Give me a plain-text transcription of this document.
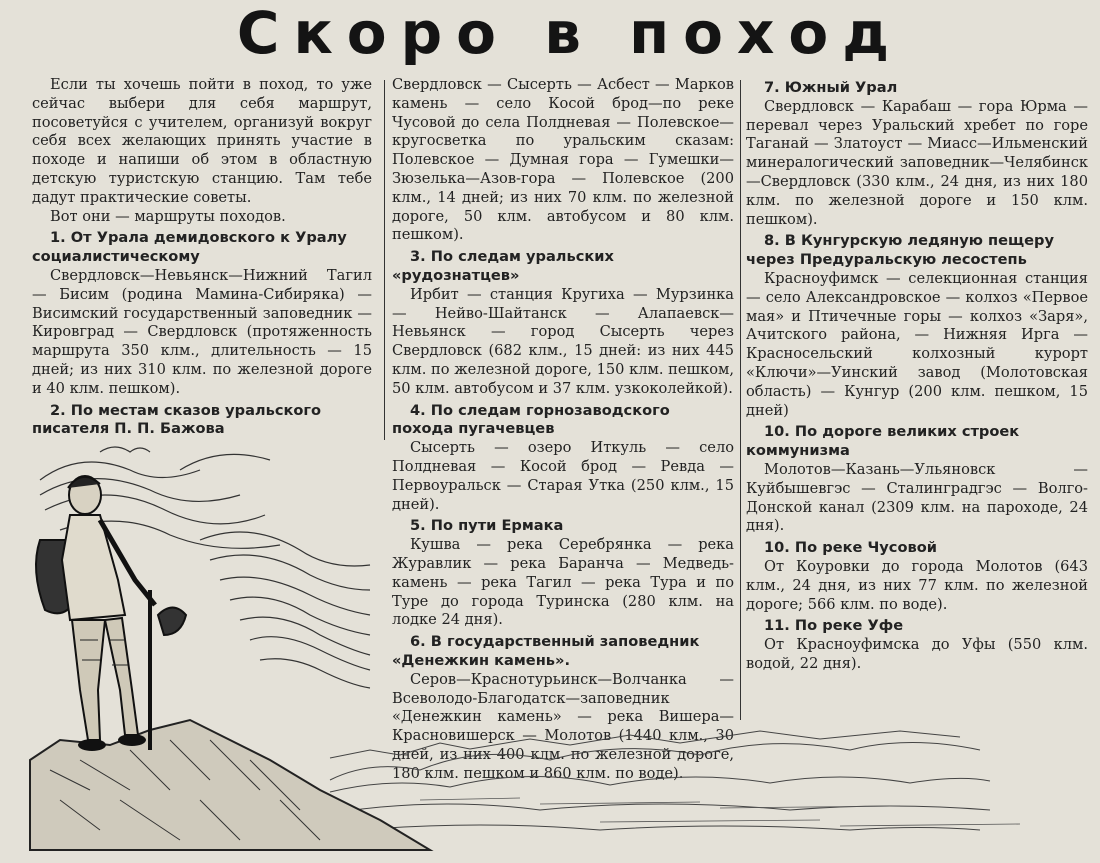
Скоро в поход

Если ты хочешь пойти в поход, то уже сейчас выбери для себя маршрут, посоветуйся с учителем, организуй вокруг себя всех желающих принять участие в походе и напиши об этом в областную детскую туристскую станцию. Там тебе дадут практические советы.

Вот они — маршруты походов.

1. От Урала демидовского к Уралу социалистическому

Свердловск—Невьянск—Нижний Тагил — Бисим (родина Мамина-Сибиряка) — Висимский государственный заповедник — Кировград — Свердловск (протяженность маршрута 350 клм., длительность — 15 дней; из них 310 клм. по железной дороге и 40 клм. пешком).

2. По местам сказов уральского писателя П. П. Бажова

Свердловск — Сысерть — Асбест — Марков камень — село Косой брод—по реке Чусовой до села Полдневая — Полевское—кругосветка по уральским сказам: Полевское — Думная гора — Гумешки—Зюзелька—Азов-гора — Полевское (200 клм., 14 дней; из них 70 клм. по железной дороге, 50 клм. автобусом и 80 клм. пешком).

3. По следам уральских «рудознатцев»

Ирбит — станция Кругиха — Мурзинка — Нейво-Шайтанск — Алапаевск—Невьянск — город Сысерть через Свердловск (682 клм., 15 дней: из них 445 клм. по железной дороге, 150 клм. пешком, 50 клм. автобусом и 37 клм. узкоколейкой).

4. По следам горнозаводского похода пугачевцев

Сысерть — озеро Иткуль — село Полдневая — Косой брод — Ревда — Первоуральск — Старая Утка (250 клм., 15 дней).

5. По пути Ермака

Кушва — река Серебрянка — река Журавлик — река Баранча — Медведь-камень — река Тагил — река Тура и по Туре до города Туринска (280 клм. на лодке 24 дня).

6. В государственный заповедник «Денежкин камень».

Серов—Краснотурьинск—Волчанка — Всеволодо-Благодатск—заповедник «Денежкин камень» — река Вишера—Красновишерск — Молотов (1440 клм., 30 дней, из них 400 клм. по железной дороге, 180 клм. пешком и 860 клм. по воде).

7. Южный Урал

Свердловск — Карабаш — гора Юрма — перевал через Уральский хребет по горе Таганай — Златоуст — Миасс—Ильменский минералогический заповедник—Челябинск—Свердловск (330 клм., 24 дня, из них 180 клм. по железной дороге и 150 клм. пешком).

8. В Кунгурскую ледяную пещеру через Предуральскую лесостепь

Красноуфимск — селекционная станция — село Александровское — колхоз «Первое мая» и Птичечные горы — колхоз «Заря», Ачитского района, — Нижняя Ирга — Красносельский колхозный курорт «Ключи»—Уинский завод (Молотовская область) — Кунгур (200 клм. пешком, 15 дней)

10. По дороге великих строек коммунизма

Молотов—Казань—Ульяновск — Куйбышевгэс — Сталинградгэс — Волго-Донской канал (2309 клм. на пароходе, 24 дня).

10. По реке Чусовой

От Коуровки до города Молотов (643 клм., 24 дня, из них 77 клм. по железной дороге; 566 клм. по воде).

11. По реке Уфе

От Красноуфимска до Уфы (550 клм. водой, 22 дня).
